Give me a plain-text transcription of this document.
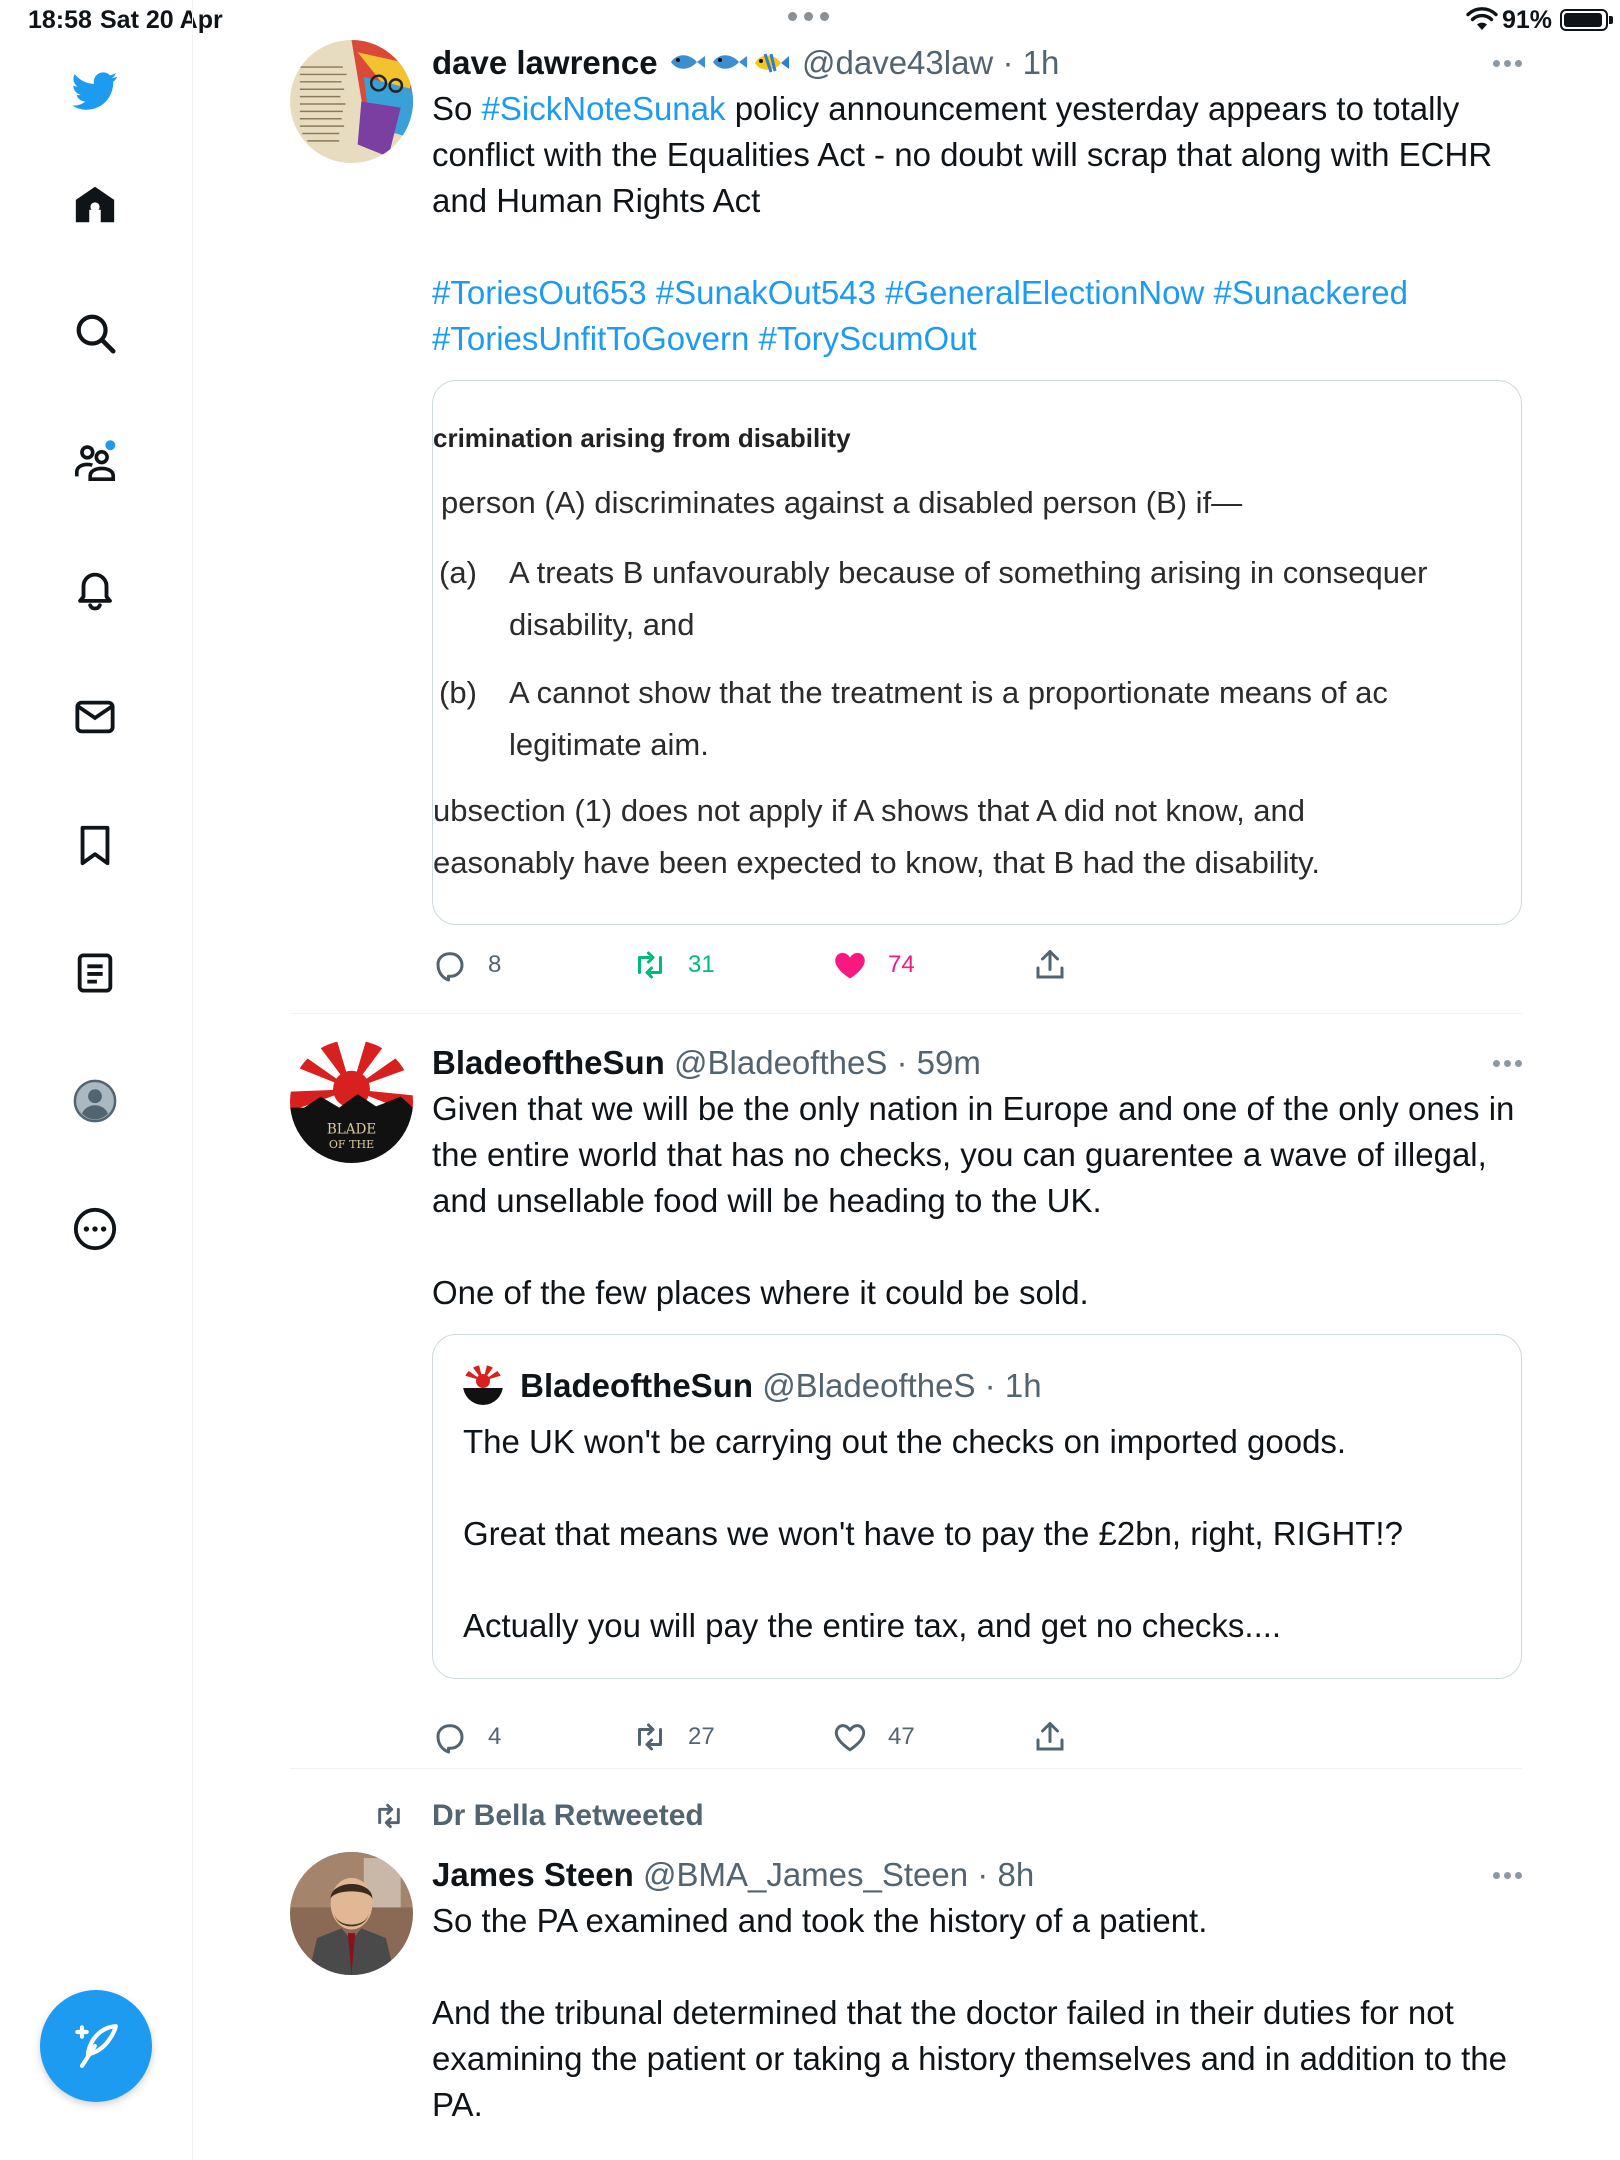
18:58 Sat 20 Apr	91%
dave lawrence	@dave43law · 1h
So #SickNoteSunak policy announcement yesterday appears to totally conflict with the Equalities Act - no doubt will scrap that along with ECHR and Human Rights Act
#ToriesOut653 #SunakOut543 #GeneralElectionNow #Sunackered
#ToriesUnfitToGovern #ToryScumOut
crimination arising from disability
person (A) discriminates against a disabled person (B) if—
(a) A treats B unfavourably because of something arising in consequer
disability, and
(b) A cannot show that the treatment is a proportionate means of ac
legitimate aim.
ubsection (1) does not apply if A shows that A did not know, and
easonably have been expected to know, that B had the disability.
8	31	74
BLADE
OF THE
BladeoftheSun @BladeoftheS · 59m
Given that we will be the only nation in Europe and one of the only ones in the entire world that has no checks, you can guarentee a wave of illegal, and unsellable food will be heading to the UK.

One of the few places where it could be sold.
BladeoftheSun @BladeoftheS · 1h
The UK won't be carrying out the checks on imported goods.

Great that means we won't have to pay the £2bn, right, RIGHT!?

Actually you will pay the entire tax, and get no checks....
4	27	47
Dr Bella Retweeted
James Steen @BMA_James_Steen · 8h
So the PA examined and took the history of a patient.

And the tribunal determined that the doctor failed in their duties for not examining the patient or taking a history themselves and in addition to the PA.
